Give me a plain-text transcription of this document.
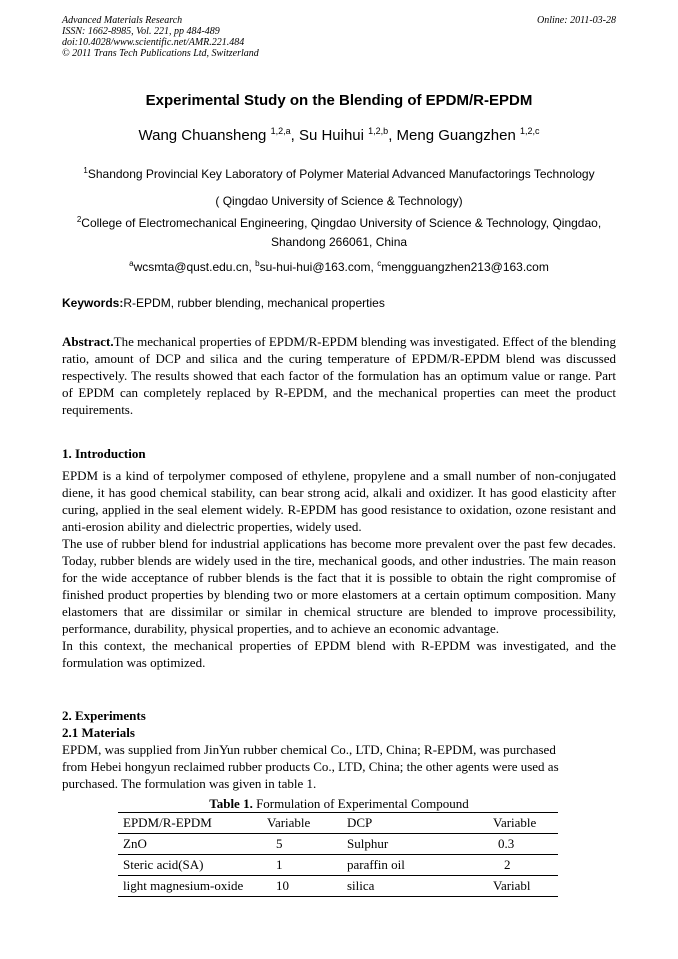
Advanced Materials Research
ISSN: 1662-8985, Vol. 221, pp 484-489
doi:10.4028/www.scientific.net/AMR.221.484
© 2011 Trans Tech Publications Ltd, Switzerland
Online: 2011-03-28
Experimental Study on the Blending of EPDM/R-EPDM
Wang Chuansheng $^{1,2,a}$, Su Huihui $^{1,2,b}$, Meng Guangzhen $^{1,2,c}$
$^1$Shandong Provincial Key Laboratory of Polymer Material Advanced Manufactorings Technology
( Qingdao University of Science & Technology)
$^2$College of Electromechanical Engineering, Qingdao University of Science & Technology, Qingdao,
Shandong 266061, China
$^a$wcsmta@qust.edu.cn, $^b$su-hui-hui@163.com, $^c$mengguangzhen213@163.com
Keywords:R-EPDM, rubber blending, mechanical properties
Abstract.The mechanical properties of EPDM/R-EPDM blending was investigated. Effect of the blending ratio, amount of DCP and silica and the curing temperature of EPDM/R-EPDM blend was discussed respectively. The results showed that each factor of the formulation has an optimum value or range. Part of EPDM can completely replaced by R-EPDM, and the mechanical properties can meet the product requirements.
1. Introduction

EPDM is a kind of terpolymer composed of ethylene, propylene and a small number of non-conjugated diene, it has good chemical stability, can bear strong acid, alkali and oxidizer. It has good elasticity after curing, applied in the seal element widely. R-EPDM has good resistance to oxidation, ozone resistant and anti-erosion ability and dielectric properties, widely used.

The use of rubber blend for industrial applications has become more prevalent over the past few decades. Today, rubber blends are widely used in the tire, mechanical goods, and other industries. The main reason for the wide acceptance of rubber blends is the fact that it is possible to obtain the right compromise of finished product properties by blending two or more elastomers at a certain optimum composition. Many elastomers that are dissimilar or similar in chemical structure are blended to improve processibility, performance, durability, physical properties, and to achieve an economic advantage.

In this context, the mechanical properties of EPDM blend with R-EPDM was investigated, and the formulation was optimized.

2. Experiments
2.1 Materials
EPDM, was supplied from JinYun rubber chemical Co., LTD, China; R-EPDM, was purchased
from Hebei hongyun reclaimed rubber products Co., LTD, China; the other agents were used as
purchased. The formulation was given in table 1.
Table 1. Formulation of Experimental Compound
EPDM/R-EPDM	Variable	DCP	Variable
ZnO	5	Sulphur	0.3
Steric acid(SA)	1	paraffin oil	2
light magnesium-oxide	10	silica	Variabl
